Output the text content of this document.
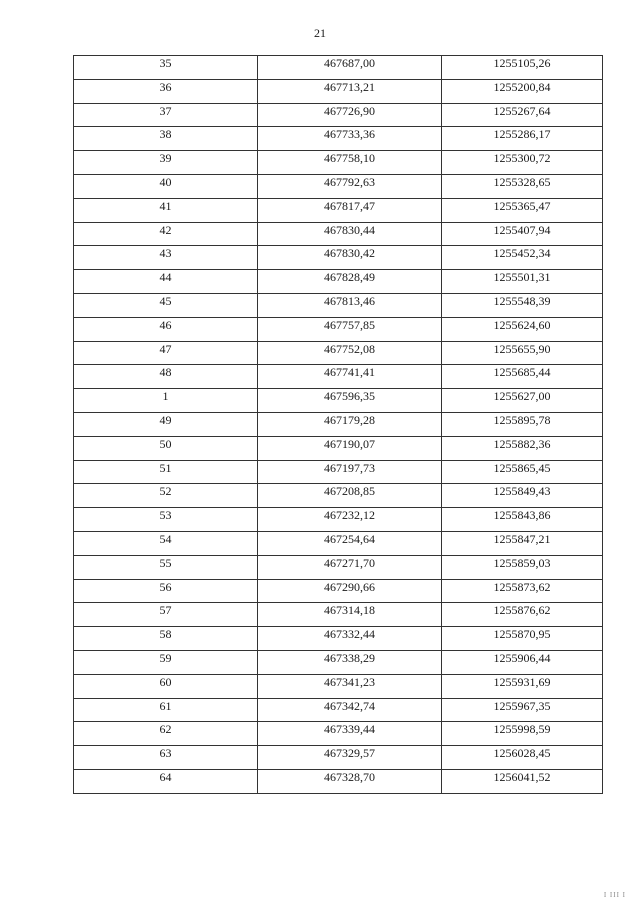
21
35	467687,00	1255105,26
36	467713,21	1255200,84
37	467726,90	1255267,64
38	467733,36	1255286,17
39	467758,10	1255300,72
40	467792,63	1255328,65
41	467817,47	1255365,47
42	467830,44	1255407,94
43	467830,42	1255452,34
44	467828,49	1255501,31
45	467813,46	1255548,39
46	467757,85	1255624,60
47	467752,08	1255655,90
48	467741,41	1255685,44
1	467596,35	1255627,00
49	467179,28	1255895,78
50	467190,07	1255882,36
51	467197,73	1255865,45
52	467208,85	1255849,43
53	467232,12	1255843,86
54	467254,64	1255847,21
55	467271,70	1255859,03
56	467290,66	1255873,62
57	467314,18	1255876,62
58	467332,44	1255870,95
59	467338,29	1255906,44
60	467341,23	1255931,69
61	467342,74	1255967,35
62	467339,44	1255998,59
63	467329,57	1256028,45
64	467328,70	1256041,52
I III I
